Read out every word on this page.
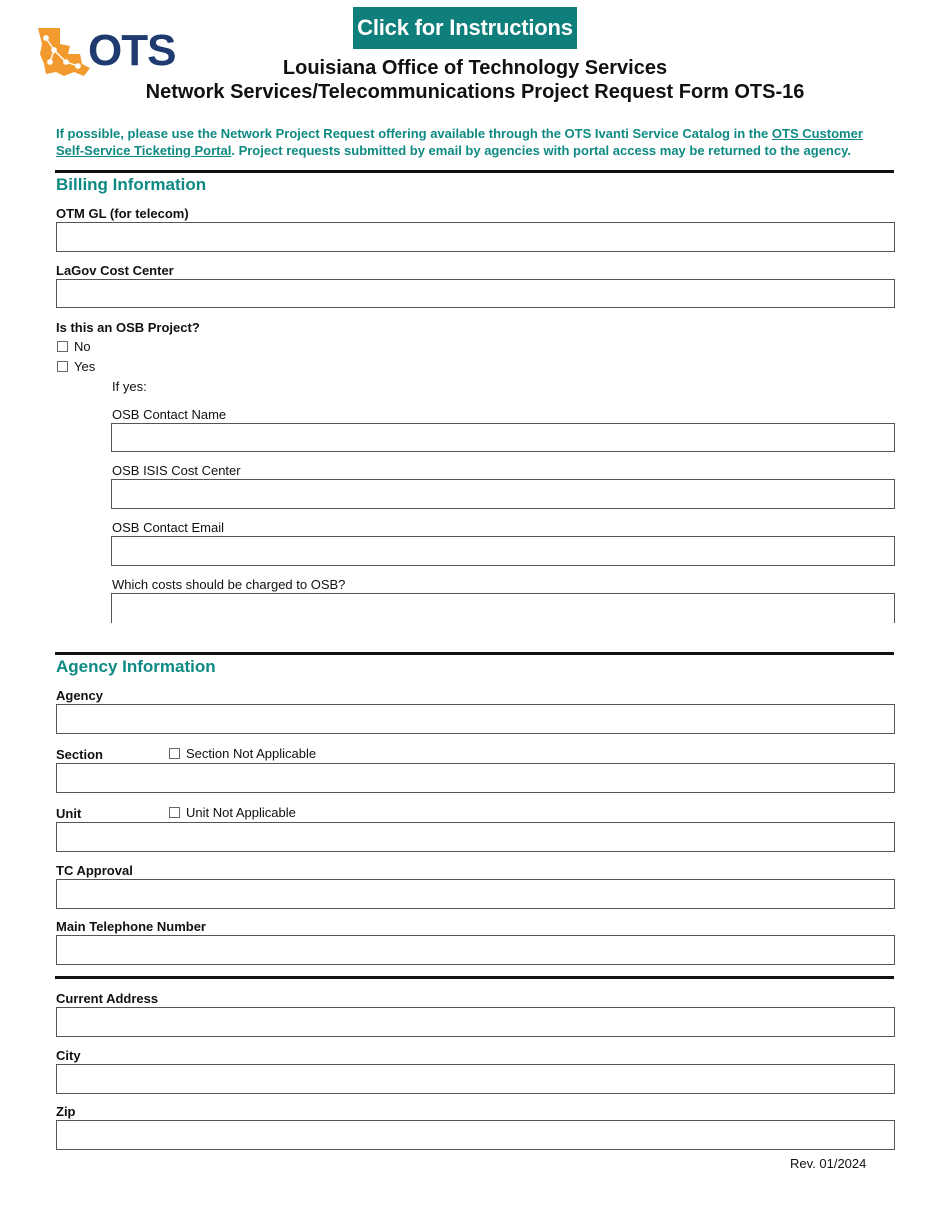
Click for Instructions
OTS	Louisiana Office of Technology Services
Network Services/Telecommunications Project Request Form OTS-16
If possible, please use the Network Project Request offering available through the OTS Ivanti Service Catalog in the OTS Customer Self-Service Ticketing Portal. Project requests submitted by email by agencies with portal access may be returned to the agency.
Billing Information
OTM GL (for telecom)
LaGov Cost Center
Is this an OSB Project?
No
Yes
If yes:
OSB Contact Name
OSB ISIS Cost Center
OSB Contact Email
Which costs should be charged to OSB?
Agency Information
Agency
Section	Section Not Applicable
Unit	Unit Not Applicable
TC Approval
Main Telephone Number
Current Address
City
Zip
Rev. 01/2024
